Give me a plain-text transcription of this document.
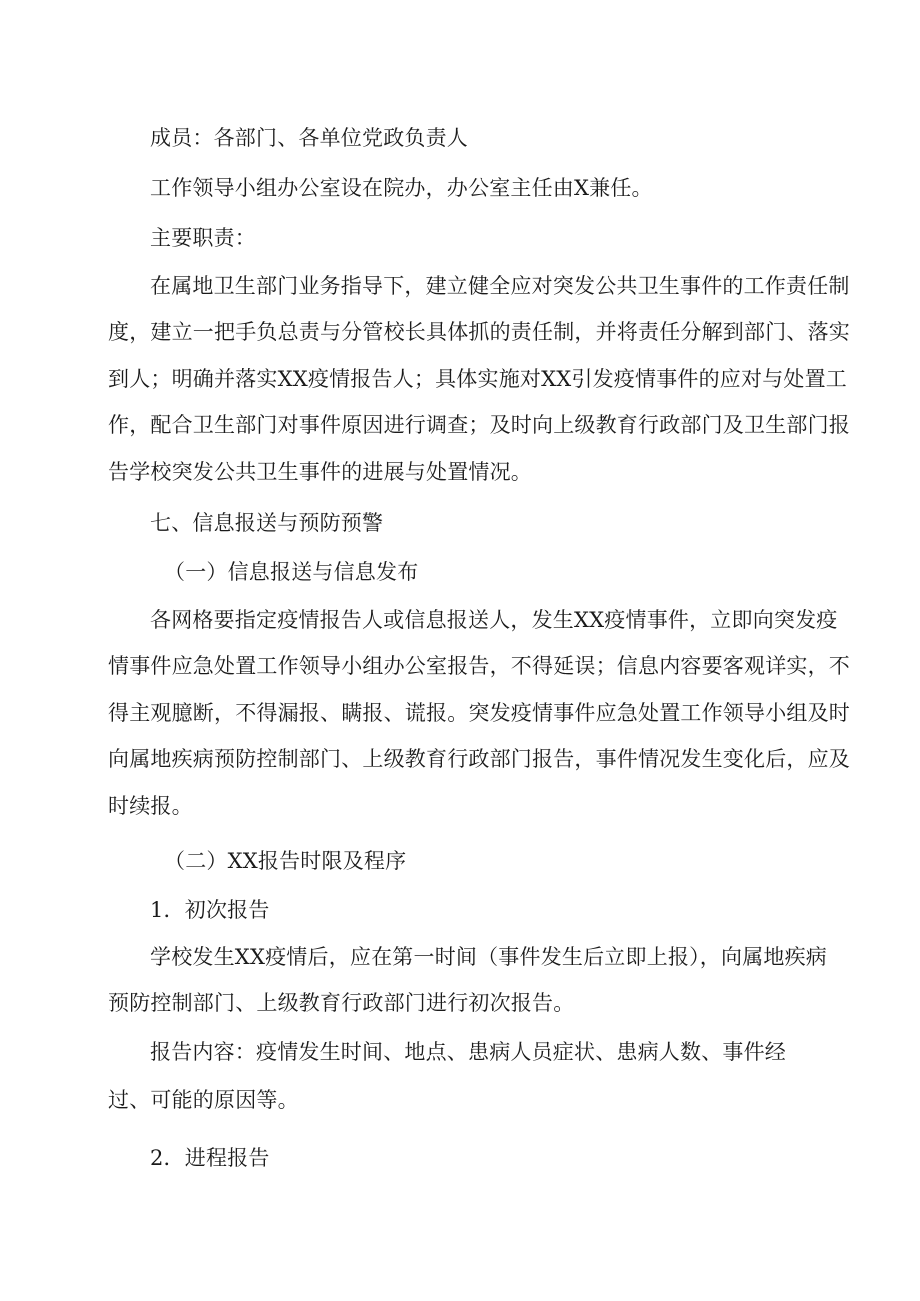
成员：各部门、各单位党政负责人
工作领导小组办公室设在院办，办公室主任由X兼任。
主要职责：
在属地卫生部门业务指导下，建立健全应对突发公共卫生事件的工作责任制
度，建立一把手负总责与分管校长具体抓的责任制，并将责任分解到部门、落实
到人；明确并落实XX疫情报告人；具体实施对XX引发疫情事件的应对与处置工
作，配合卫生部门对事件原因进行调查；及时向上级教育行政部门及卫生部门报
告学校突发公共卫生事件的进展与处置情况。
七、信息报送与预防预警
（一）信息报送与信息发布
各网格要指定疫情报告人或信息报送人，发生XX疫情事件，立即向突发疫
情事件应急处置工作领导小组办公室报告，不得延误；信息内容要客观详实，不
得主观臆断，不得漏报、瞒报、谎报。突发疫情事件应急处置工作领导小组及时
向属地疾病预防控制部门、上级教育行政部门报告，事件情况发生变化后，应及
时续报。
（二）XX报告时限及程序
1．初次报告
学校发生XX疫情后，应在第一时间（事件发生后立即上报），向属地疾病
预防控制部门、上级教育行政部门进行初次报告。
报告内容：疫情发生时间、地点、患病人员症状、患病人数、事件经
过、可能的原因等。
2．进程报告
